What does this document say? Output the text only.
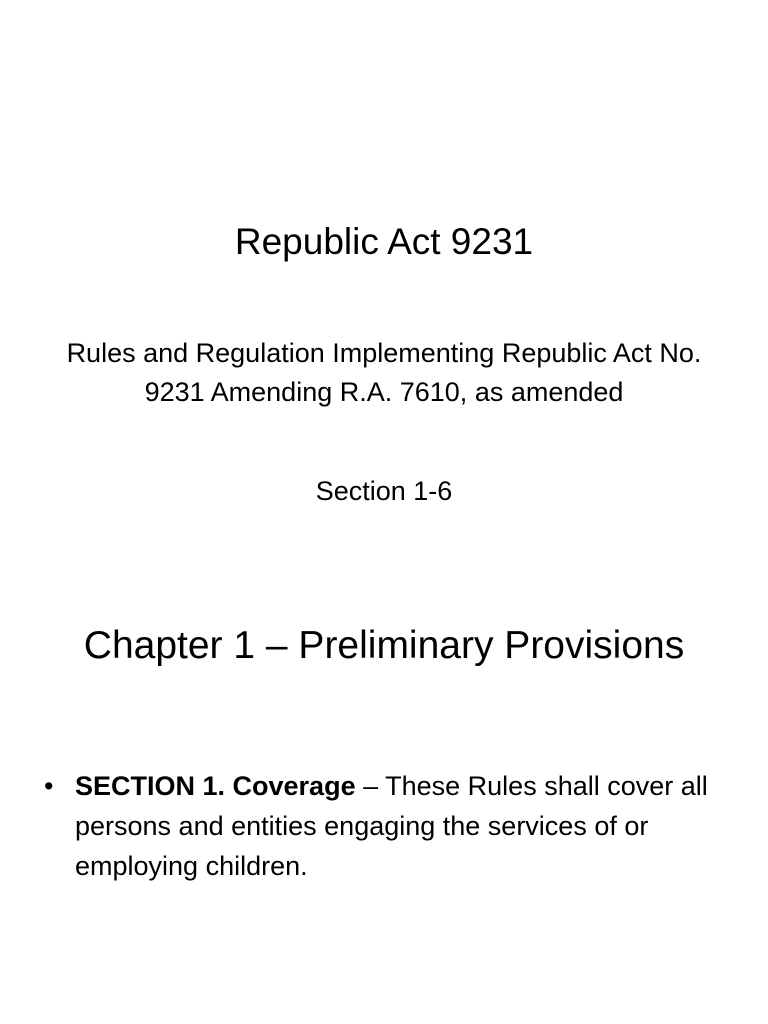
Republic Act 9231
Rules and Regulation Implementing Republic Act No.
9231 Amending R.A. 7610, as amended
Section 1-6
Chapter 1 – Preliminary Provisions
• SECTION 1. Coverage – These Rules shall cover all persons and entities engaging the services of or employing children.
